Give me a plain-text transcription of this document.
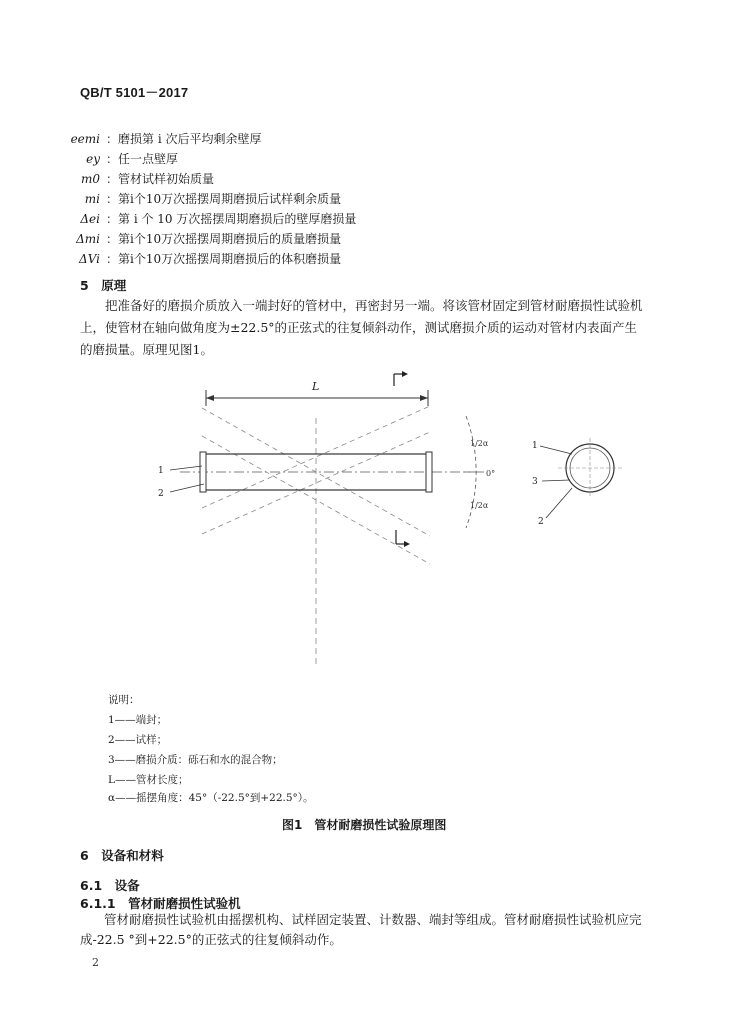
QB/T 5101－2017
eemi ：磨损第 i 次后平均剩余壁厚
ey ：任一点壁厚
m0 ：管材试样初始质量
mi ：第i个10万次摇摆周期磨损后试样剩余质量
Δei ：第 i 个 10 万次摇摆周期磨损后的壁厚磨损量
Δmi ：第i个10万次摇摆周期磨损后的质量磨损量
ΔVi ：第i个10万次摇摆周期磨损后的体积磨损量
5　原理
把准备好的磨损介质放入一端封好的管材中，再密封另一端。将该管材固定到管材耐磨损性试验机
上，使管材在轴向做角度为±22.5°的正弦式的往复倾斜动作，测试磨损介质的运动对管材内表面产生
的磨损量。原理见图1。
L
0°
1/2α
1/2α
1
2
1
3
2
说明：
1——端封；
2——试样；
3——磨损介质：砾石和水的混合物；
L——管材长度；
α——摇摆角度：45°（-22.5°到+22.5°）。
图1　管材耐磨损性试验原理图
6　设备和材料
6.1　设备
6.1.1　管材耐磨损性试验机
管材耐磨损性试验机由摇摆机构、试样固定装置、计数器、端封等组成。管材耐磨损性试验机应完
成-22.5 °到+22.5°的正弦式的往复倾斜动作。
2
